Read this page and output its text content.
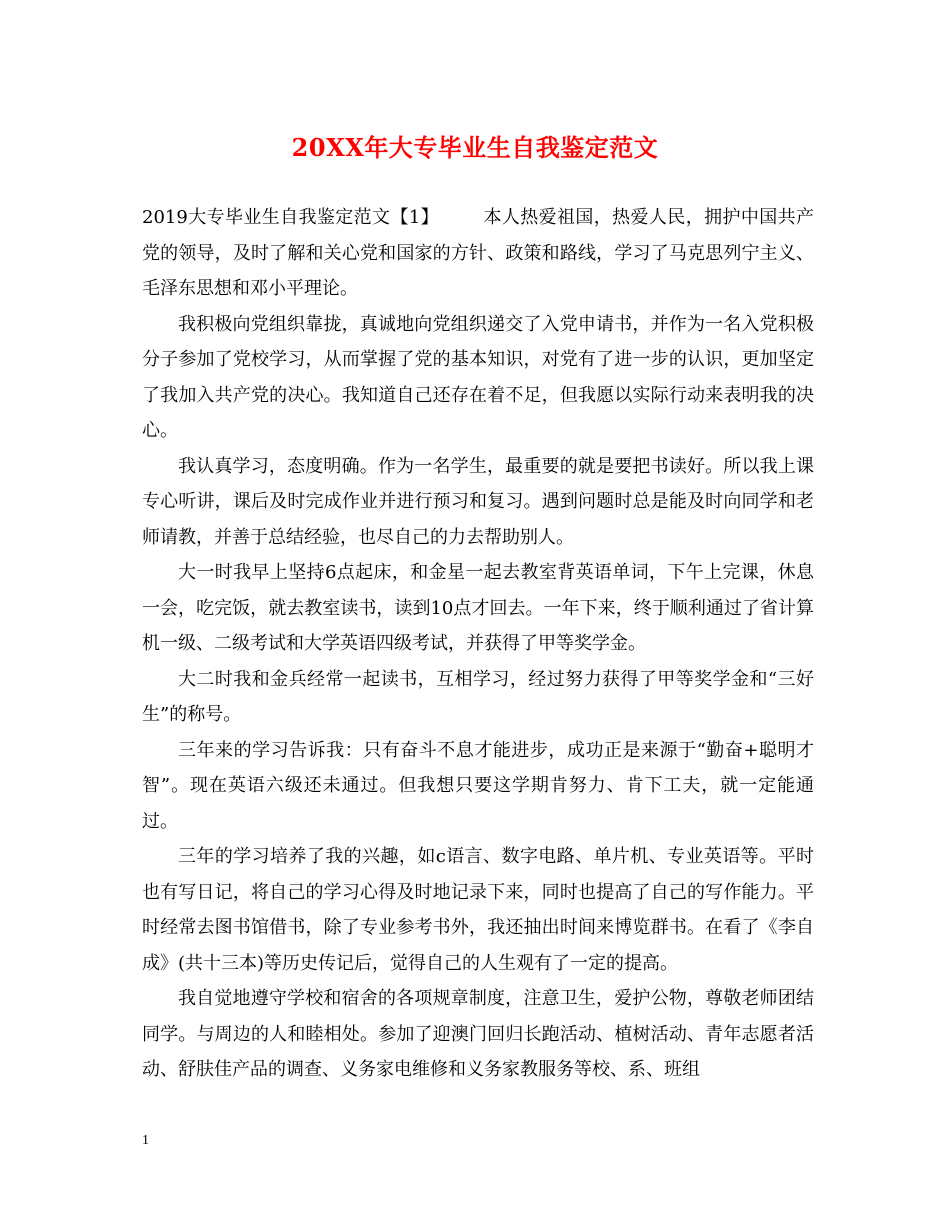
20XX年大专毕业生自我鉴定范文

2019大专毕业生自我鉴定范文【1】 本人热爱祖国，热爱人民，拥护中国共产党的领导，及时了解和关心党和国家的方针、政策和路线，学习了马克思列宁主义、毛泽东思想和邓小平理论。

我积极向党组织靠拢，真诚地向党组织递交了入党申请书，并作为一名入党积极分子参加了党校学习，从而掌握了党的基本知识，对党有了进一步的认识，更加坚定了我加入共产党的决心。我知道自己还存在着不足，但我愿以实际行动来表明我的决心。

我认真学习，态度明确。作为一名学生，最重要的就是要把书读好。所以我上课专心听讲，课后及时完成作业并进行预习和复习。遇到问题时总是能及时向同学和老师请教，并善于总结经验，也尽自己的力去帮助别人。

大一时我早上坚持6点起床，和金星一起去教室背英语单词，下午上完课，休息一会，吃完饭，就去教室读书，读到10点才回去。一年下来，终于顺利通过了省计算机一级、二级考试和大学英语四级考试，并获得了甲等奖学金。

大二时我和金兵经常一起读书，互相学习，经过努力获得了甲等奖学金和“三好生”的称号。

三年来的学习告诉我：只有奋斗不息才能进步，成功正是来源于“勤奋+聪明才智”。现在英语六级还未通过。但我想只要这学期肯努力、肯下工夫，就一定能通过。

三年的学习培养了我的兴趣，如c语言、数字电路、单片机、专业英语等。平时也有写日记，将自己的学习心得及时地记录下来，同时也提高了自己的写作能力。平时经常去图书馆借书，除了专业参考书外，我还抽出时间来博览群书。在看了《李自成》(共十三本)等历史传记后，觉得自己的人生观有了一定的提高。

我自觉地遵守学校和宿舍的各项规章制度，注意卫生，爱护公物，尊敬老师团结同学。与周边的人和睦相处。参加了迎澳门回归长跑活动、植树活动、青年志愿者活动、舒肤佳产品的调查、义务家电维修和义务家教服务等校、系、班组

1
